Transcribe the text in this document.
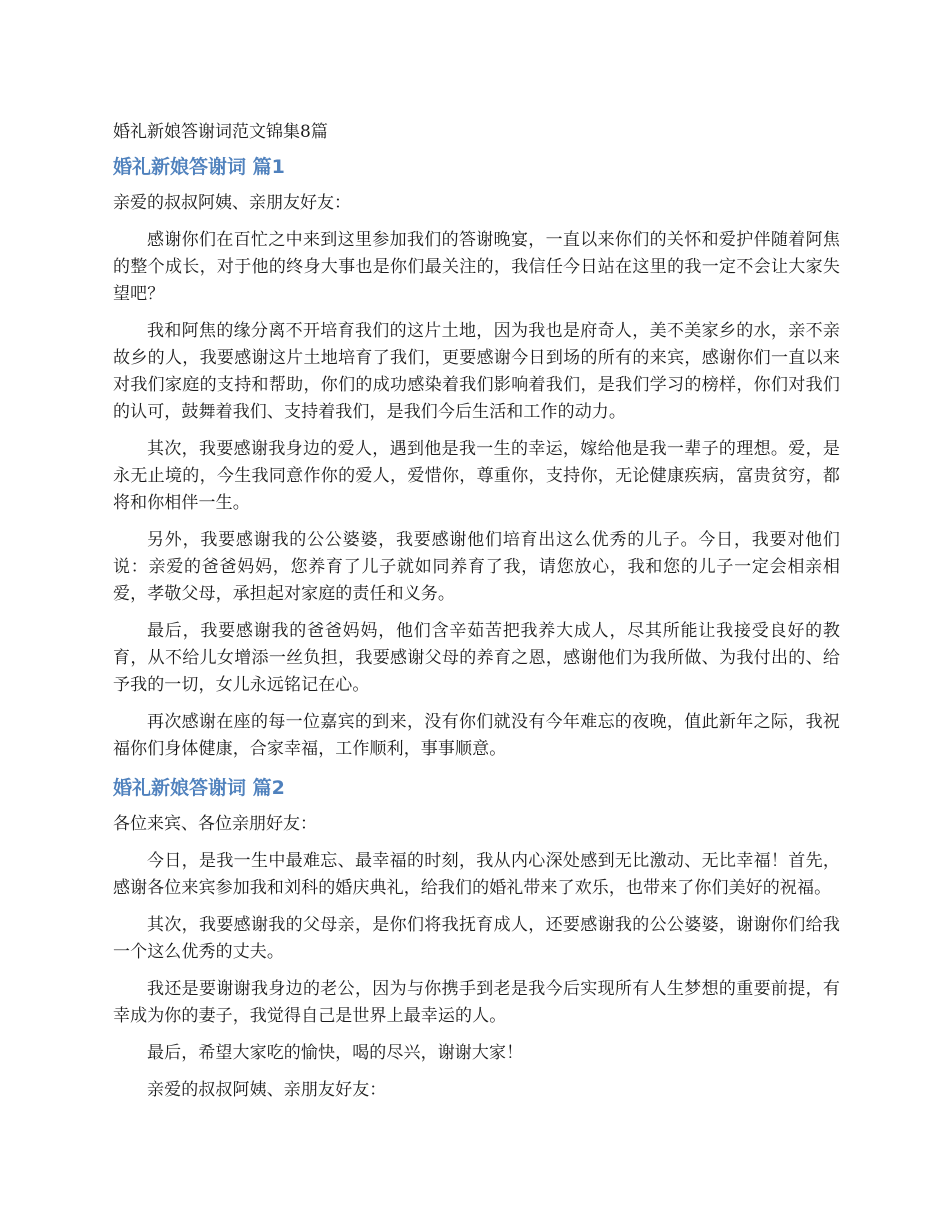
婚礼新娘答谢词范文锦集8篇
婚礼新娘答谢词 篇1

亲爱的叔叔阿姨、亲朋友好友：

感谢你们在百忙之中来到这里参加我们的答谢晚宴，一直以来你们的关怀和爱护伴随着阿焦的整个成长，对于他的终身大事也是你们最关注的，我信任今日站在这里的我一定不会让大家失望吧？

我和阿焦的缘分离不开培育我们的这片土地，因为我也是府奇人，美不美家乡的水，亲不亲故乡的人，我要感谢这片土地培育了我们，更要感谢今日到场的所有的来宾，感谢你们一直以来对我们家庭的支持和帮助，你们的成功感染着我们影响着我们，是我们学习的榜样，你们对我们的认可，鼓舞着我们、支持着我们，是我们今后生活和工作的动力。

其次，我要感谢我身边的爱人，遇到他是我一生的幸运，嫁给他是我一辈子的理想。爱，是永无止境的，今生我同意作你的爱人，爱惜你，尊重你，支持你，无论健康疾病，富贵贫穷，都将和你相伴一生。

另外，我要感谢我的公公婆婆，我要感谢他们培育出这么优秀的儿子。今日，我要对他们说：亲爱的爸爸妈妈，您养育了儿子就如同养育了我，请您放心，我和您的儿子一定会相亲相爱，孝敬父母，承担起对家庭的责任和义务。

最后，我要感谢我的爸爸妈妈，他们含辛茹苦把我养大成人，尽其所能让我接受良好的教育，从不给儿女增添一丝负担，我要感谢父母的养育之恩，感谢他们为我所做、为我付出的、给予我的一切，女儿永远铭记在心。

再次感谢在座的每一位嘉宾的到来，没有你们就没有今年难忘的夜晚，值此新年之际，我祝福你们身体健康，合家幸福，工作顺利，事事顺意。

婚礼新娘答谢词 篇2

各位来宾、各位亲朋好友：

今日，是我一生中最难忘、最幸福的时刻，我从内心深处感到无比激动、无比幸福！首先，感谢各位来宾参加我和刘科的婚庆典礼，给我们的婚礼带来了欢乐，也带来了你们美好的祝福。

其次，我要感谢我的父母亲，是你们将我抚育成人，还要感谢我的公公婆婆，谢谢你们给我一个这么优秀的丈夫。

我还是要谢谢我身边的老公，因为与你携手到老是我今后实现所有人生梦想的重要前提，有幸成为你的妻子，我觉得自己是世界上最幸运的人。

最后，希望大家吃的愉快，喝的尽兴，谢谢大家！

亲爱的叔叔阿姨、亲朋友好友：
